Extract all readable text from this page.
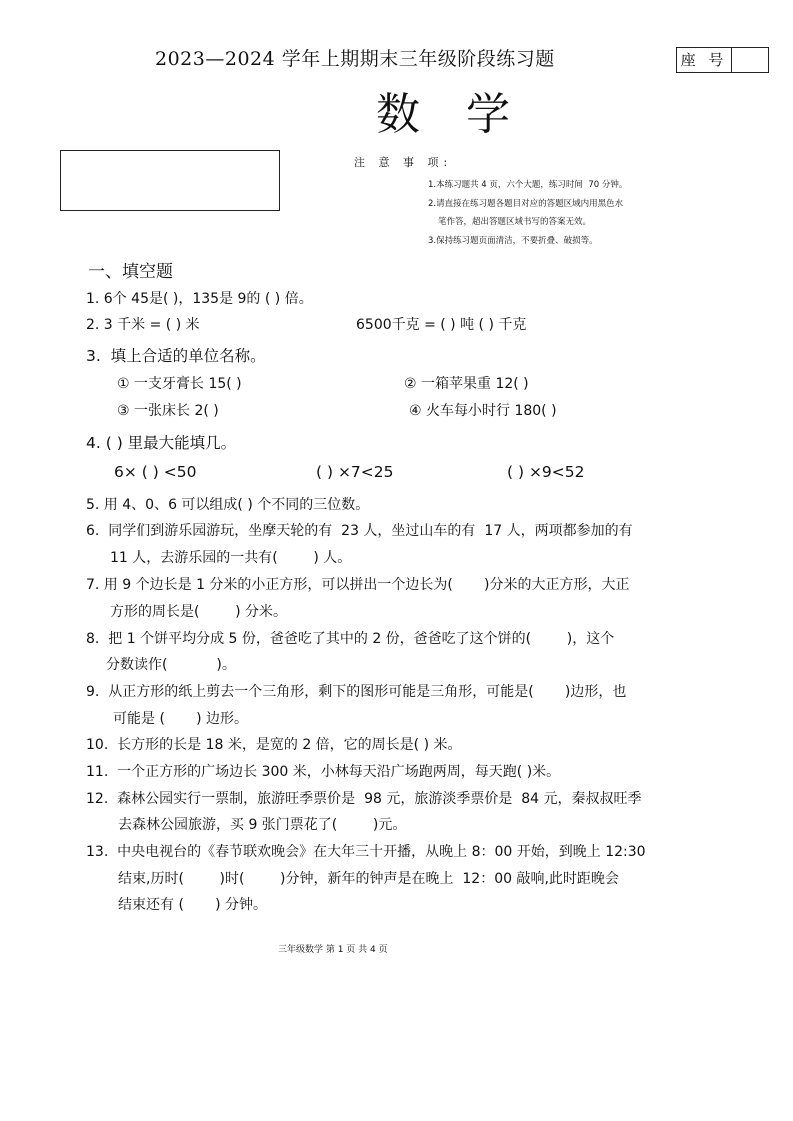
2023—2024 学年上期期末三年级阶段练习题	座 号
数 学
注 意 事 项:
1.本练习题共 4 页，六个大题，练习时间  70 分钟。
2.请直接在练习题各题目对应的答题区域内用黑色水
笔作答，超出答题区域书写的答案无效。
3.保持练习题页面清洁，不要折叠、破损等。
一、填空题
1. 6个 45是( )，135是 9的 ( ) 倍。
2. 3 千米 = ( ) 米	6500千克 = ( ) 吨 ( ) 千克
3.  填上合适的单位名称。
① 一支牙膏长 15( )	② 一箱苹果重 12( )
③ 一张床长 2( )	④ 火车每小时行 180( )
4. ( ) 里最大能填几。
6× ( ) <50	( ) ×7<25	( ) ×9<52
5. 用 4、0、6 可以组成( ) 个不同的三位数。
6.  同学们到游乐园游玩，坐摩天轮的有  23 人，坐过山车的有  17 人，两项都参加的有
11 人，去游乐园的一共有(        ) 人。
7. 用 9 个边长是 1 分米的小正方形，可以拼出一个边长为(       )分米的大正方形，大正
方形的周长是(        ) 分米。
8.  把 1 个饼平均分成 5 份，爸爸吃了其中的 2 份，爸爸吃了这个饼的(        )，这个
分数读作(           )。
9.  从正方形的纸上剪去一个三角形，剩下的图形可能是三角形，可能是(       )边形，也
可能是 (       ) 边形。
10.  长方形的长是 18 米，是宽的 2 倍，它的周长是( ) 米。
11.  一个正方形的广场边长 300 米，小林每天沿广场跑两周，每天跑( )米。
12.  森林公园实行一票制，旅游旺季票价是  98 元，旅游淡季票价是  84 元，秦叔叔旺季
去森林公园旅游，买 9 张门票花了(        )元。
13.  中央电视台的《春节联欢晚会》在大年三十开播，从晚上 8：00 开始，到晚上 12:30
结束,历时(        )时(        )分钟，新年的钟声是在晚上  12：00 敲响,此时距晚会
结束还有 (       ) 分钟。
三年级数学 第 1 页 共 4 页
